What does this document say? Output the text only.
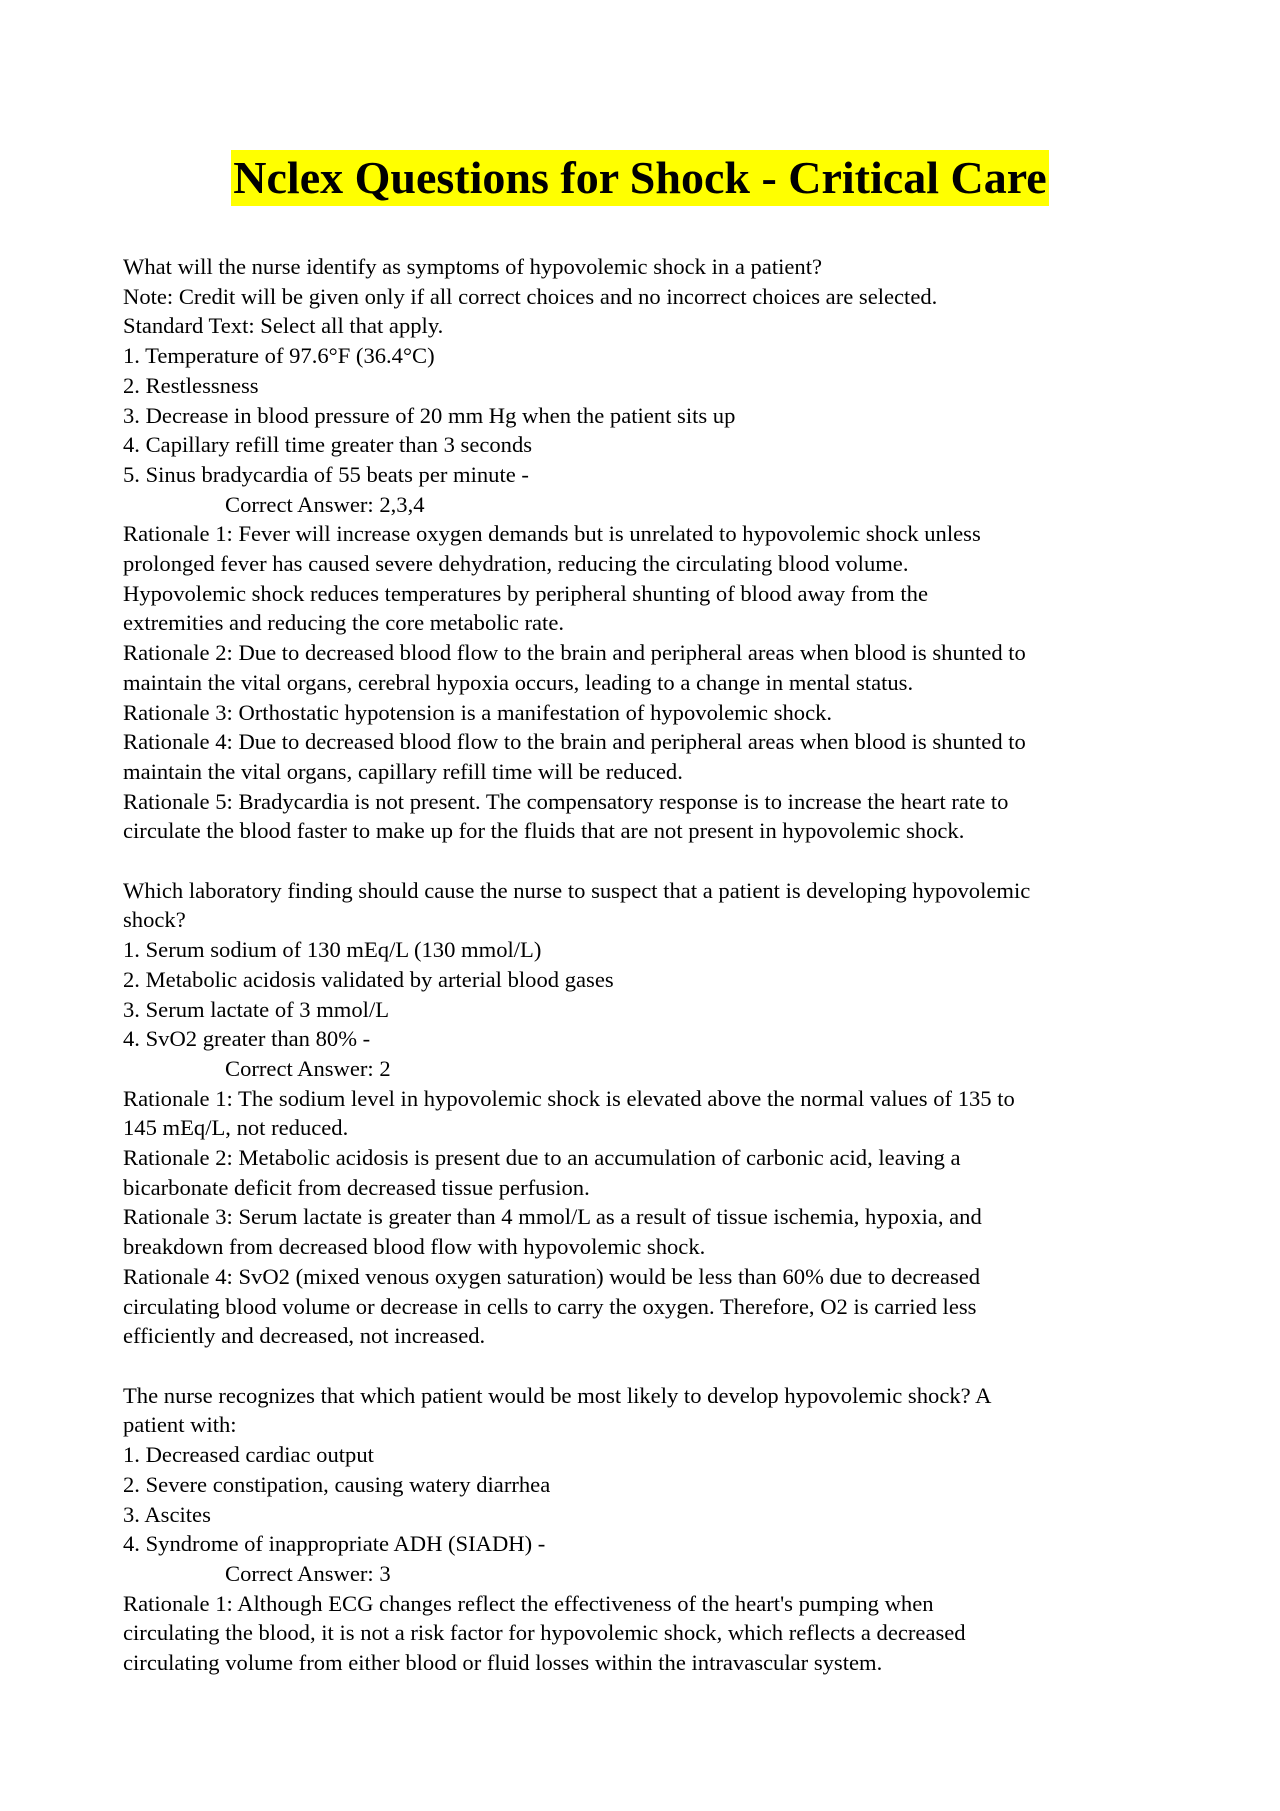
Nclex Questions for Shock - Critical Care
What will the nurse identify as symptoms of hypovolemic shock in a patient?
Note: Credit will be given only if all correct choices and no incorrect choices are selected.
Standard Text: Select all that apply.
1. Temperature of 97.6°F (36.4°C)
2. Restlessness
3. Decrease in blood pressure of 20 mm Hg when the patient sits up
4. Capillary refill time greater than 3 seconds
5. Sinus bradycardia of 55 beats per minute -
Correct Answer: 2,3,4
Rationale 1: Fever will increase oxygen demands but is unrelated to hypovolemic shock unless
prolonged fever has caused severe dehydration, reducing the circulating blood volume.
Hypovolemic shock reduces temperatures by peripheral shunting of blood away from the
extremities and reducing the core metabolic rate.
Rationale 2: Due to decreased blood flow to the brain and peripheral areas when blood is shunted to
maintain the vital organs, cerebral hypoxia occurs, leading to a change in mental status.
Rationale 3: Orthostatic hypotension is a manifestation of hypovolemic shock.
Rationale 4: Due to decreased blood flow to the brain and peripheral areas when blood is shunted to
maintain the vital organs, capillary refill time will be reduced.
Rationale 5: Bradycardia is not present. The compensatory response is to increase the heart rate to
circulate the blood faster to make up for the fluids that are not present in hypovolemic shock.
Which laboratory finding should cause the nurse to suspect that a patient is developing hypovolemic
shock?
1. Serum sodium of 130 mEq/L (130 mmol/L)
2. Metabolic acidosis validated by arterial blood gases
3. Serum lactate of 3 mmol/L
4. SvO2 greater than 80% -
Correct Answer: 2
Rationale 1: The sodium level in hypovolemic shock is elevated above the normal values of 135 to
145 mEq/L, not reduced.
Rationale 2: Metabolic acidosis is present due to an accumulation of carbonic acid, leaving a
bicarbonate deficit from decreased tissue perfusion.
Rationale 3: Serum lactate is greater than 4 mmol/L as a result of tissue ischemia, hypoxia, and
breakdown from decreased blood flow with hypovolemic shock.
Rationale 4: SvO2 (mixed venous oxygen saturation) would be less than 60% due to decreased
circulating blood volume or decrease in cells to carry the oxygen. Therefore, O2 is carried less
efficiently and decreased, not increased.
The nurse recognizes that which patient would be most likely to develop hypovolemic shock? A
patient with:
1. Decreased cardiac output
2. Severe constipation, causing watery diarrhea
3. Ascites
4. Syndrome of inappropriate ADH (SIADH) -
Correct Answer: 3
Rationale 1: Although ECG changes reflect the effectiveness of the heart's pumping when
circulating the blood, it is not a risk factor for hypovolemic shock, which reflects a decreased
circulating volume from either blood or fluid losses within the intravascular system.
